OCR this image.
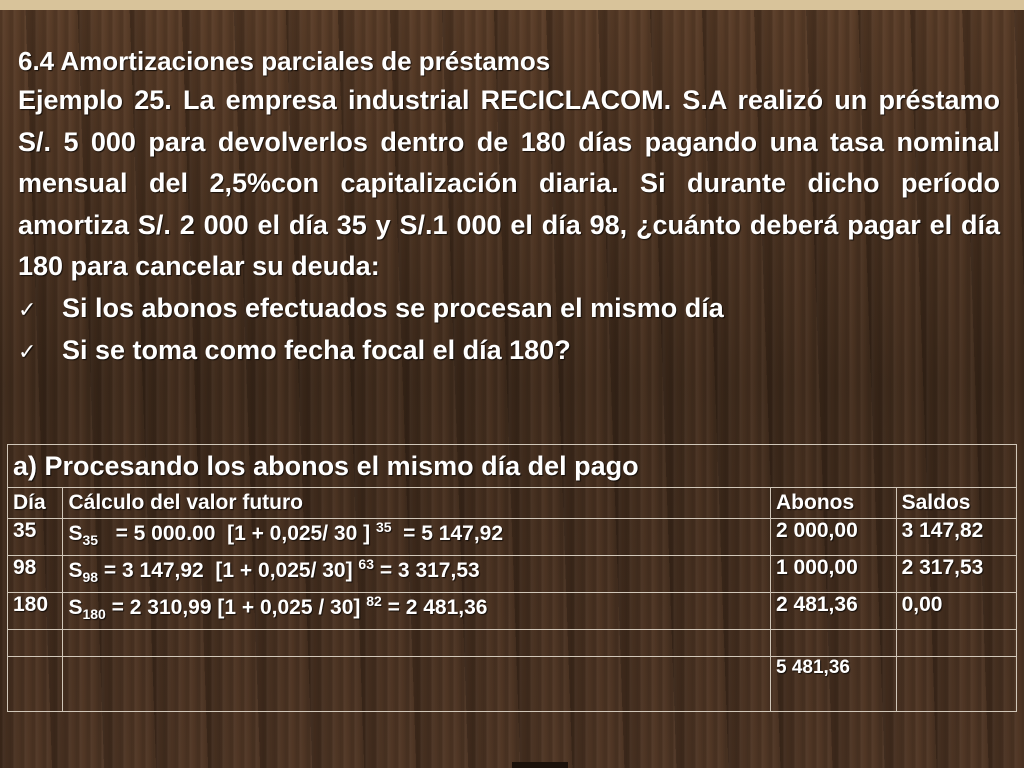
6.4 Amortizaciones parciales de préstamos
Ejemplo 25. La empresa industrial RECICLACOM. S.A realizó un préstamo S/. 5 000 para devolverlos dentro de 180 días pagando una tasa nominal mensual del 2,5%con capitalización diaria. Si durante dicho período amortiza S/. 2 000 el día 35 y S/.1 000 el día 98, ¿cuánto deberá pagar el día 180 para cancelar su deuda:
✓ Si los abonos efectuados se procesan el mismo día
✓ Si se toma como fecha focal el día 180?
a) Procesando los abonos el mismo día del pago			
Día	Cálculo del valor futuro	Abonos	Saldos
35	$S_{35} = 5$ 000.00  [1 + 0,025/ 30 ] $^{35}$  = 5 147,92	2 000,00	3 147,82
98	$S_{98} = 3$ 147,92  [1 + 0,025/ 30] $^{63}$ = 3 317,53	1 000,00	2 317,53
180	$S_{180} = 2$ 310,99 [1 + 0,025 / 30] $^{82}$ = 2 481,36	2 481,36	0,00

		5 481,36	
